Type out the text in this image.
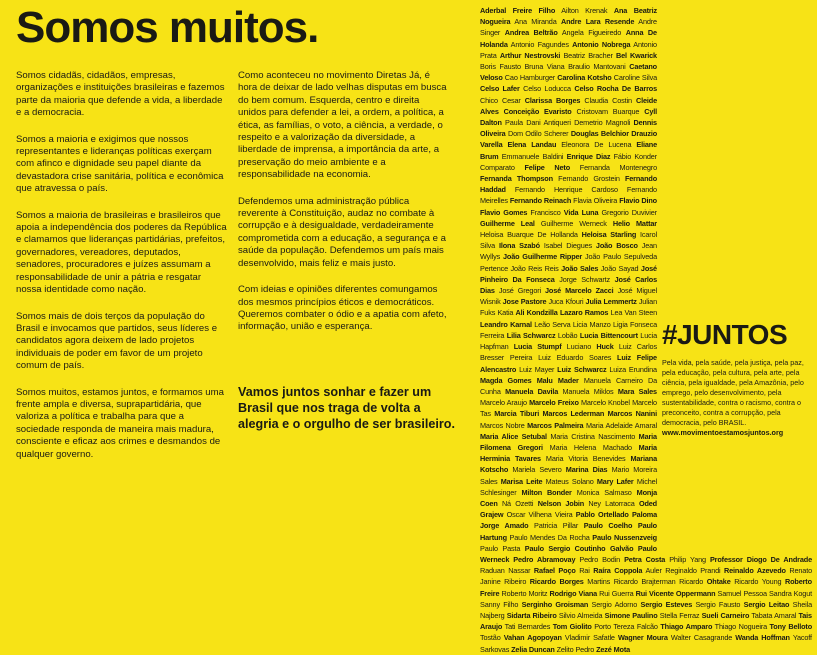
Somos muitos.

Somos cidadãs, cidadãos, empresas, organizações e instituições brasileiras e fazemos parte da maioria que defende a vida, a liberdade e a democracia.

Somos a maioria e exigimos que nossos representantes e lideranças políticas exerçam com afinco e dignidade seu papel diante da devastadora crise sanitária, política e econômica que atravessa o país.

Somos a maioria de brasileiras e brasileiros que apoia a independência dos poderes da República e clamamos que lideranças partidárias, prefeitos, governadores, vereadores, deputados, senadores, procuradores e juízes assumam a responsabilidade de unir a pátria e resgatar nossa identidade como nação.

Somos mais de dois terços da população do Brasil e invocamos que partidos, seus líderes e candidatos agora deixem de lado projetos individuais de poder em favor de um projeto comum de país.

Somos muitos, estamos juntos, e formamos uma frente ampla e diversa, suprapartidária, que valoriza a política e trabalha para que a sociedade responda de maneira mais madura, consciente e eficaz aos crimes e desmandos de qualquer governo.

Como aconteceu no movimento Diretas Já, é hora de deixar de lado velhas disputas em busca do bem comum. Esquerda, centro e direita unidos para defender a lei, a ordem, a política, a ética, as famílias, o voto, a ciência, a verdade, o respeito e a valorização da diversidade, a liberdade de imprensa, a importância da arte, a preservação do meio ambiente e a responsabilidade na economia.

Defendemos uma administração pública reverente à Constituição, audaz no combate à corrupção e à desigualdade, verdadeiramente comprometida com a educação, a segurança e a saúde da população. Defendemos um país mais desenvolvido, mais feliz e mais justo.

Com ideias e opiniões diferentes comungamos dos mesmos princípios éticos e democráticos. Queremos combater o ódio e a apatia com afeto, informação, união e esperança.

Vamos juntos sonhar e fazer um Brasil que nos traga de volta a alegria e o orgulho de ser brasileiro.

Aderbal Freire Filho Ailton Krenak Ana Beatriz Nogueira Ana Miranda Andre Lara Resende Andre Singer Andrea Beltrão Angela Figueiredo Anna De Holanda Antonio Fagundes Antonio Nobrega Antonio Prata Arthur Nestrovski Beatriz Bracher Bel Kwarick Boris Fausto Bruna Viana Braulio Mantovani Caetano Veloso Cao Hamburger Carolina Kotsho Caroline Silva Celso Lafer Celso Loducca Celso Rocha De Barros Chico Cesar Clarissa Borges Claudia Costin Cleide Alves Conceição Evaristo Cristovam Buarque Cyll Dalton Paula Dani Antiqueri Demetrio Magnoli Dennis Oliveira Dom Odilo Scherer Douglas Belchior Drauzio Varella Elena Landau Eleonora De Lucena Eliane Brum Emmanuele Baldini Enrique Diaz Fábio Konder Comparato Felipe Neto Fernanda Montenegro Fernanda Thompson Fernando Grostein Fernando Haddad Fernando Henrique Cardoso Fernando Meirelles Fernando Reinach Flavia Oliveira Flavio Dino Flavio Gomes Francisco Vida Luna Gregorio Duvivier Guilherme Leal Guilherme Werneck Helio Mattar Heloisa Buarque De Hollanda Heloisa Starling Icarol Silva Ilona Szabó Isabel Diegues João Bosco Jean Wyllys João Guilherme Ripper João Paulo Sepulveda Pertence João Reis Reis João Sales João Sayad José Pinheiro Da Fonseca Jorge Schwartz José Carlos Dias José Gregori José Marcelo Zacci José Miguel Wisnik Jose Pastore Juca Kfouri Julia Lemmertz Julian Fuks Katia Ali Kondzilla Lazaro Ramos Lea Van Steen Leandro Karnal Leão Serva Licia Manzo Ligia Fonseca Ferreira Lilia Schwarcz Lobão Lucia Bittencourt Lucia Hapfman Lucia Stumpf Luciano Huck Luiz Carlos Bresser Pereira Luiz Eduardo Soares Luiz Felipe Alencastro Luiz Mayer Luiz Schwarcz Luiza Erundina Magda Gomes Malu Mader Manuela Carneiro Da Cunha Manuela Davila Manuela Miklos Mara Sales Marcelo Araujo Marcelo Freixo Marcelo Knobel Marcelo Tas Marcia Tiburi Marcos Lederman Marcos Nanini Marcos Nobre Marcos Palmeira Maria Adelaide Amaral Maria Alice Setubal Maria Cristina Nascimento Maria Filomena Gregori Maria Helena Machado Maria Herminia Tavares Maria Vitoria Benevides Mariana Kotscho Mariela Severo Marina Dias Mario Moreira Sales Marisa Leite Mateus Solano Mary Lafer Michel Schlesinger Milton Bonder Monica Salmaso Monja Coen Ná Ozetti Nelson Jobin Ney Latorraca Oded Grajew Oscar Vilhena Vieira Pablo Ortellado Paloma Jorge Amado Patricia Pillar Paulo Coelho Paulo Hartung Paulo Mendes Da Rocha Paulo Nussenzveig Paulo Pasta Paulo Sergio Coutinho Galvão Paulo Werneck Pedro Abramovay Pedro Bodin Petra Costa Philip Yang Professor Diogo De Andrade Raduan Nassar Rafael Poço Rai Raíra Coppola Auler Reginaldo Prandi Reinaldo Azevedo Renato Janine Ribeiro Ricardo Borges Martins Ricardo Brajterman Ricardo Ohtake Ricardo Young Roberto Freire Roberto Moritz Rodrigo Viana Rui Guerra Rui Vicente Oppermann Samuel Pessoa Sandra Kogut Sanny Filho Serginho Groisman Sergio Adorno Sergio Esteves Sergio Fausto Sergio Leitao Sheila Najberg Sidarta Ribeiro Silvio Almeida Simone Paulino Stella Ferraz Sueli Carneiro Tabata Amaral Tais Araujo Tati Bernardes Tom Giolito Porto Tereza Falcão Thiago Amparo Thiago Nogueira Tony Belloto Tostão Vahan Agopoyan Vladimir Safatle Wagner Moura Walter Casagrande Wanda Hoffman Yacoff Sarkovas Zelia Duncan Zelito Pedro Zezé Mota
#JUNTOS

Pela vida, pela saúde, pela justiça, pela paz, pela educação, pela cultura, pela arte, pela ciência, pela igualdade, pela Amazônia, pelo emprego, pelo desenvolvimento, pela sustentabilidade, contra o racismo, contra o preconceito, contra a corrupção, pela democracia, pelo BRASIL. www.movimentoestamosjuntos.org
